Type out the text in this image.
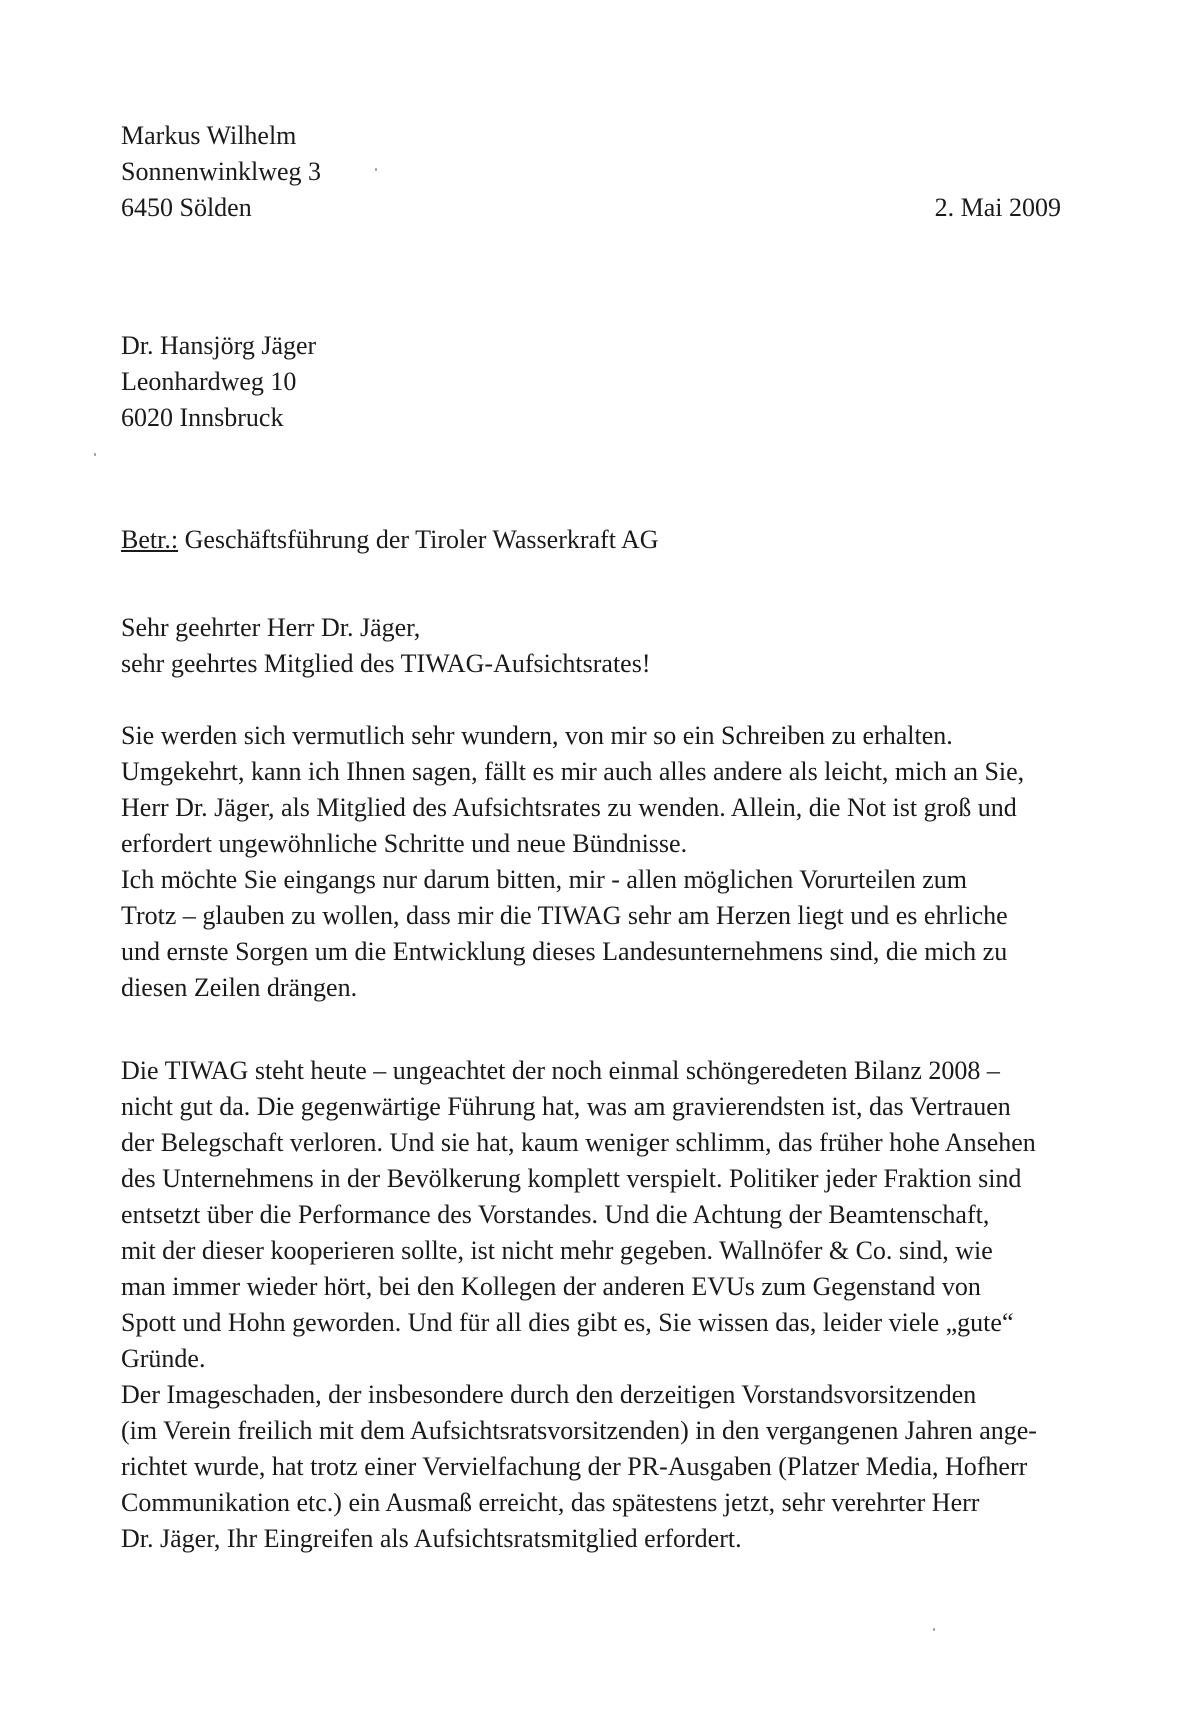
Markus Wilhelm
Sonnenwinklweg 3
6450 Sölden	2. Mai 2009
Dr. Hansjörg Jäger
Leonhardweg 10
6020 Innsbruck
Betr.: Geschäftsführung der Tiroler Wasserkraft AG
Sehr geehrter Herr Dr. Jäger,
sehr geehrtes Mitglied des TIWAG-Aufsichtsrates!
Sie werden sich vermutlich sehr wundern, von mir so ein Schreiben zu erhalten.
Umgekehrt, kann ich Ihnen sagen, fällt es mir auch alles andere als leicht, mich an Sie,
Herr Dr. Jäger, als Mitglied des Aufsichtsrates zu wenden. Allein, die Not ist groß und
erfordert ungewöhnliche Schritte und neue Bündnisse.
Ich möchte Sie eingangs nur darum bitten, mir - allen möglichen Vorurteilen zum
Trotz – glauben zu wollen, dass mir die TIWAG sehr am Herzen liegt und es ehrliche
und ernste Sorgen um die Entwicklung dieses Landesunternehmens sind, die mich zu
diesen Zeilen drängen.
Die TIWAG steht heute – ungeachtet der noch einmal schöngeredeten Bilanz 2008 –
nicht gut da. Die gegenwärtige Führung hat, was am gravierendsten ist, das Vertrauen
der Belegschaft verloren. Und sie hat, kaum weniger schlimm, das früher hohe Ansehen
des Unternehmens in der Bevölkerung komplett verspielt. Politiker jeder Fraktion sind
entsetzt über die Performance des Vorstandes. Und die Achtung der Beamtenschaft,
mit der dieser kooperieren sollte, ist nicht mehr gegeben. Wallnöfer & Co. sind, wie
man immer wieder hört, bei den Kollegen der anderen EVUs zum Gegenstand von
Spott und Hohn geworden. Und für all dies gibt es, Sie wissen das, leider viele „gute“
Gründe.
Der Imageschaden, der insbesondere durch den derzeitigen Vorstandsvorsitzenden
(im Verein freilich mit dem Aufsichtsratsvorsitzenden) in den vergangenen Jahren ange-
richtet wurde, hat trotz einer Vervielfachung der PR-Ausgaben (Platzer Media, Hofherr
Communikation etc.) ein Ausmaß erreicht, das spätestens jetzt, sehr verehrter Herr
Dr. Jäger, Ihr Eingreifen als Aufsichtsratsmitglied erfordert.
